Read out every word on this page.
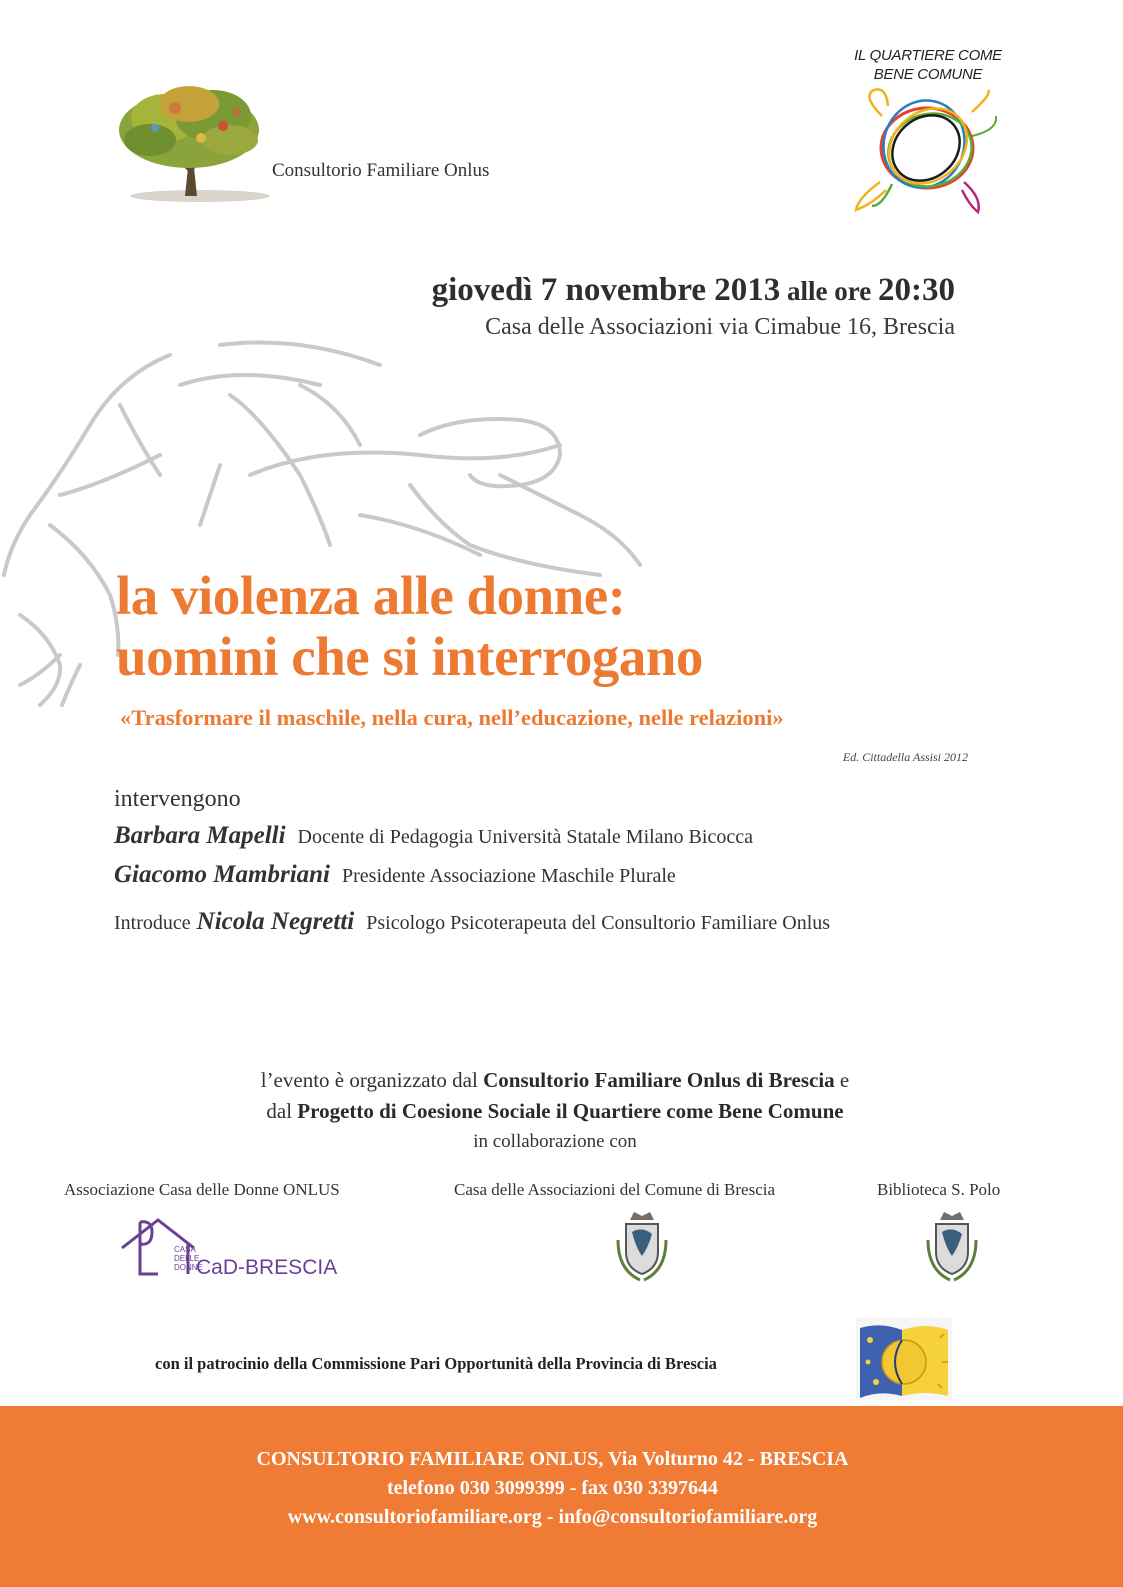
Consultorio Familiare Onlus
IL QUARTIERE COME
BENE COMUNE
giovedì 7 novembre 2013 alle ore 20:30
Casa delle Associazioni via Cimabue 16, Brescia
la violenza alle donne:
uomini che si interrogano
«Trasformare il maschile, nella cura, nell’educazione, nelle relazioni»
Ed. Cittadella Assisi 2012
intervengono
Barbara Mapelli Docente di Pedagogia Università Statale Milano Bicocca
Giacomo Mambriani Presidente Associazione Maschile Plurale
Introduce Nicola Negretti Psicologo Psicoterapeuta del Consultorio Familiare Onlus
l’evento è organizzato dal Consultorio Familiare Onlus di Brescia e
dal Progetto di Coesione Sociale il Quartiere come Bene Comune
in collaborazione con
Associazione Casa delle Donne ONLUS	Casa delle Associazioni del Comune di Brescia	Biblioteca S. Polo
CASA
DELLE
DONNE
CaD-BRESCIA
con il patrocinio della Commissione Pari Opportunità della Provincia di Brescia
CONSULTORIO FAMILIARE ONLUS, Via Volturno 42 - BRESCIA
telefono 030 3099399 - fax 030 3397644
www.consultoriofamiliare.org - info@consultoriofamiliare.org
